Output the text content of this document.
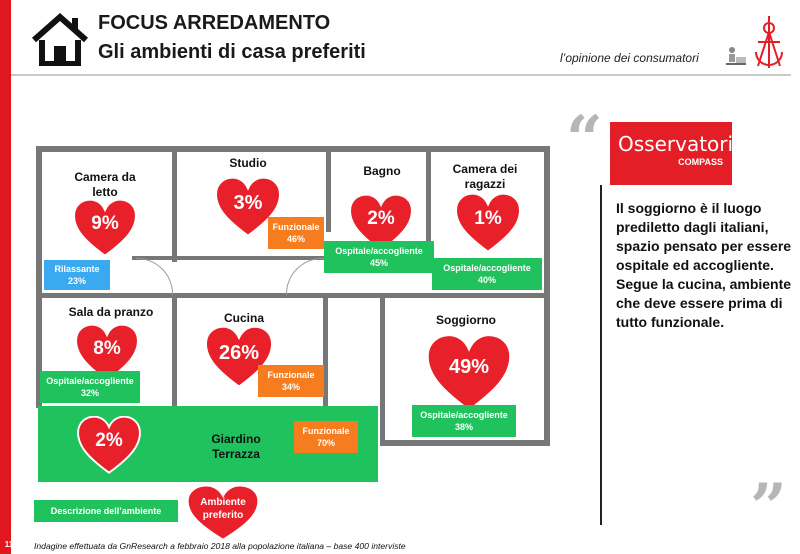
11
FOCUS ARREDAMENTO
Gli ambienti di casa preferiti	l’opinione dei consumatori
Camera da letto
9%
Rilassante
23%
Studio
3%
Funzionale
46%
Bagno
2%
Ospitale/accogliente
45%
Camera dei ragazzi
1%
Ospitale/accogliente
40%
Sala da pranzo
8%
Ospitale/accogliente
32%
Cucina
26%
Funzionale
34%
Soggiorno
49%
Ospitale/accogliente
38%
2%	Giardino
Terrazza
Funzionale
70%
Descrizione dell’ambiente
Ambiente
preferito
“ Osservatorio
COMPASS
Il soggiorno è il luogo prediletto dagli italiani, spazio pensato per essere ospitale ed accogliente. Segue la cucina, ambiente che deve essere prima di tutto funzionale.
”
Indagine effettuata da GnResearch a febbraio 2018 alla popolazione italiana – base 400 interviste
